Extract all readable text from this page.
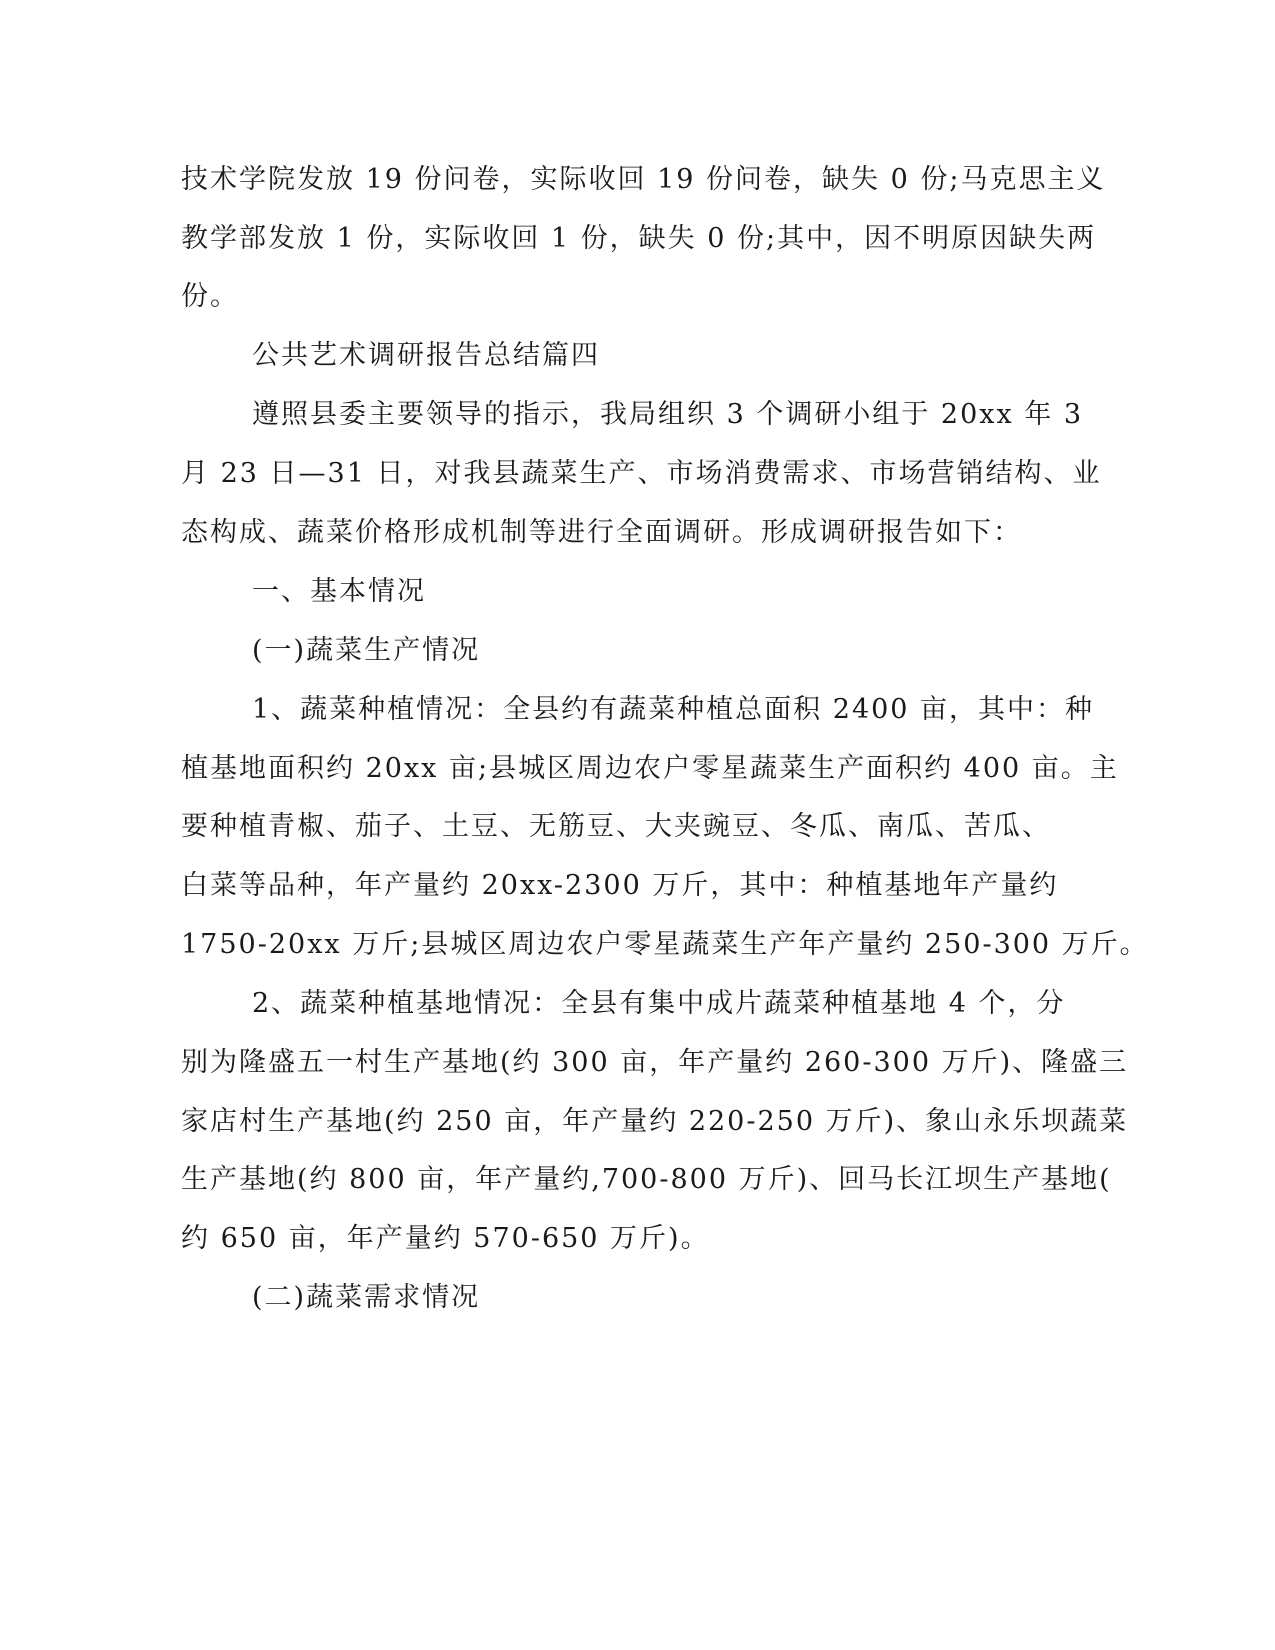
技术学院发放 19 份问卷，实际收回 19 份问卷，缺失 0 份;马克思主义
教学部发放 1 份，实际收回 1 份，缺失 0 份;其中，因不明原因缺失两
份。
公共艺术调研报告总结篇四
遵照县委主要领导的指示，我局组织 3 个调研小组于 20xx 年 3
月 23 日—31 日，对我县蔬菜生产、市场消费需求、市场营销结构、业
态构成、蔬菜价格形成机制等进行全面调研。形成调研报告如下：
一、基本情况
(一)蔬菜生产情况
1、蔬菜种植情况：全县约有蔬菜种植总面积 2400 亩，其中：种
植基地面积约 20xx 亩;县城区周边农户零星蔬菜生产面积约 400 亩。主
要种植青椒、茄子、土豆、无筋豆、大夹豌豆、冬瓜、南瓜、苦瓜、
白菜等品种，年产量约 20xx-2300 万斤，其中：种植基地年产量约
1750-20xx 万斤;县城区周边农户零星蔬菜生产年产量约 250-300 万斤。
2、蔬菜种植基地情况：全县有集中成片蔬菜种植基地 4 个，分
别为隆盛五一村生产基地(约 300 亩，年产量约 260-300 万斤)、隆盛三
家店村生产基地(约 250 亩，年产量约 220-250 万斤)、象山永乐坝蔬菜
生产基地(约 800 亩，年产量约,700-800 万斤)、回马长江坝生产基地(
约 650 亩，年产量约 570-650 万斤)。
(二)蔬菜需求情况
